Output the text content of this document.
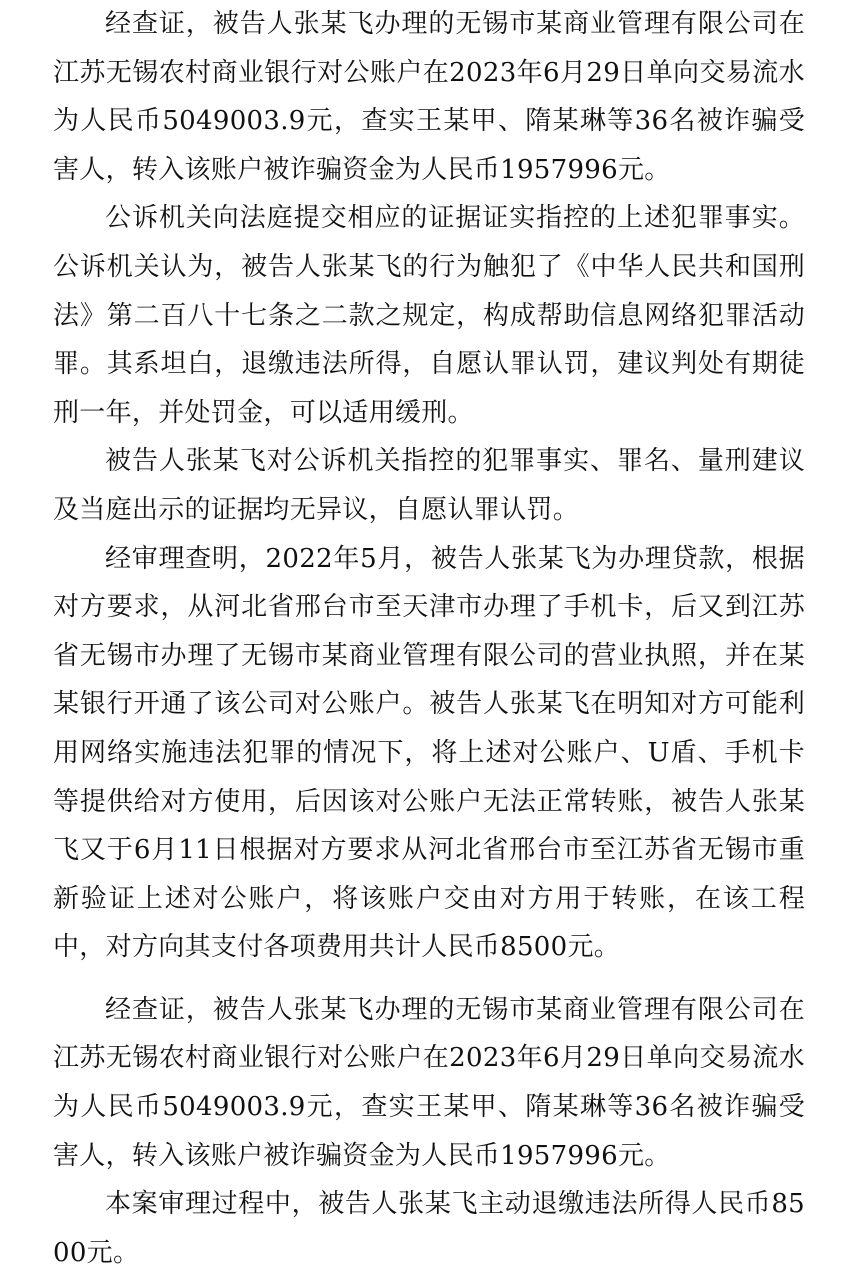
经查证，被告人张某飞办理的无锡市某商业管理有限公司在江苏无锡农村商业银行对公账户在2023年6月29日单向交易流水为人民币5049003.9元，查实王某甲、隋某琳等36名被诈骗受害人，转入该账户被诈骗资金为人民币1957996元。

公诉机关向法庭提交相应的证据证实指控的上述犯罪事实。公诉机关认为，被告人张某飞的行为触犯了《中华人民共和国刑法》第二百八十七条之二款之规定，构成帮助信息网络犯罪活动罪。其系坦白，退缴违法所得，自愿认罪认罚，建议判处有期徒刑一年，并处罚金，可以适用缓刑。

被告人张某飞对公诉机关指控的犯罪事实、罪名、量刑建议及当庭出示的证据均无异议，自愿认罪认罚。

经审理查明，2022年5月，被告人张某飞为办理贷款，根据对方要求，从河北省邢台市至天津市办理了手机卡，后又到江苏省无锡市办理了无锡市某商业管理有限公司的营业执照，并在某某银行开通了该公司对公账户。被告人张某飞在明知对方可能利用网络实施违法犯罪的情况下，将上述对公账户、U盾、手机卡等提供给对方使用，后因该对公账户无法正常转账，被告人张某飞又于6月11日根据对方要求从河北省邢台市至江苏省无锡市重新验证上述对公账户，将该账户交由对方用于转账，在该工程中，对方向其支付各项费用共计人民币8500元。

经查证，被告人张某飞办理的无锡市某商业管理有限公司在江苏无锡农村商业银行对公账户在2023年6月29日单向交易流水为人民币5049003.9元，查实王某甲、隋某琳等36名被诈骗受害人，转入该账户被诈骗资金为人民币1957996元。

本案审理过程中，被告人张某飞主动退缴违法所得人民币8500元。
